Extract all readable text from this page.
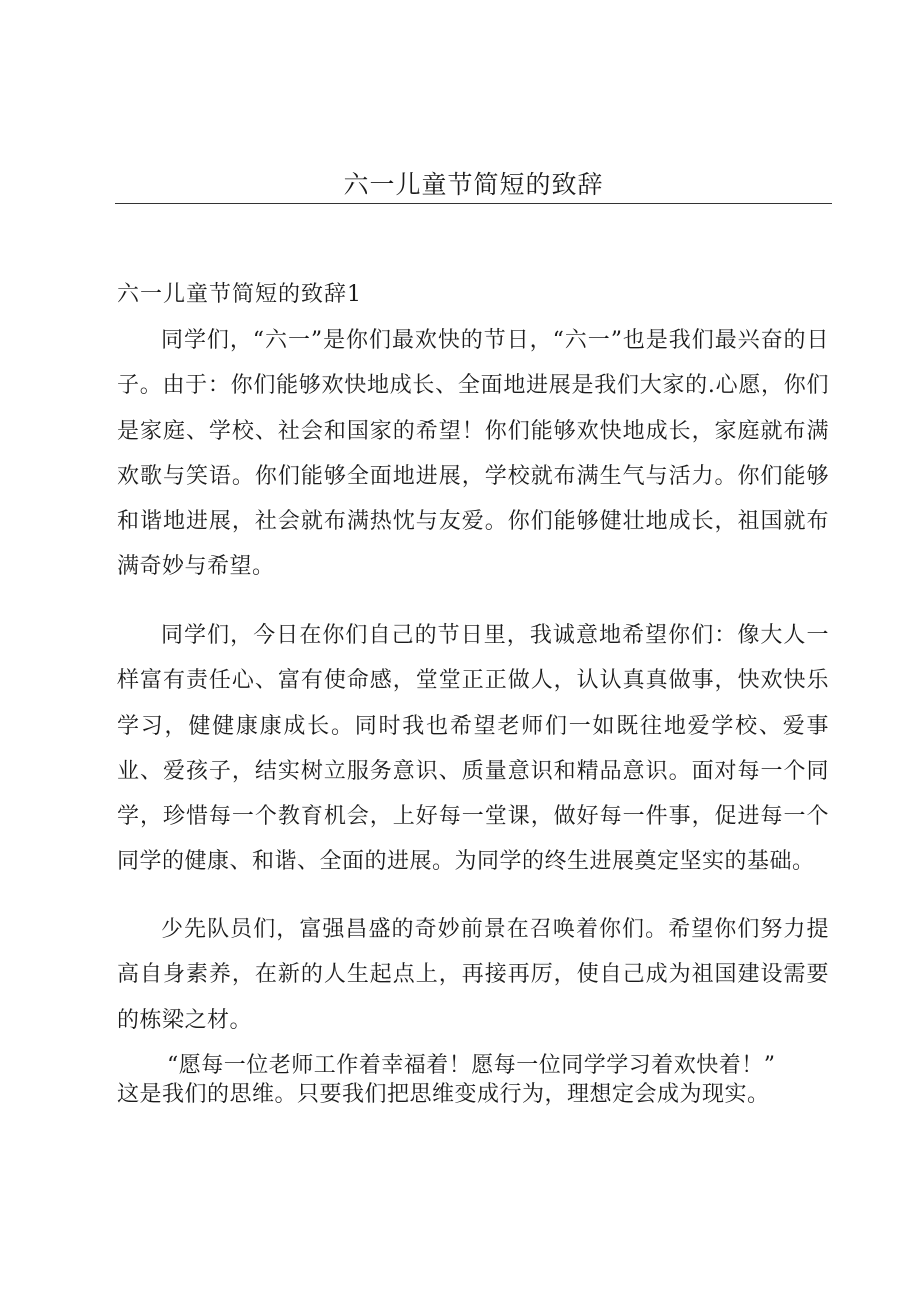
六一儿童节简短的致辞
六一儿童节简短的致辞1

同学们，“六一”是你们最欢快的节日，“六一”也是我们最兴奋的日子。由于：你们能够欢快地成长、全面地进展是我们大家的.心愿，你们是家庭、学校、社会和国家的希望！你们能够欢快地成长，家庭就布满欢歌与笑语。你们能够全面地进展，学校就布满生气与活力。你们能够和谐地进展，社会就布满热忱与友爱。你们能够健壮地成长，祖国就布满奇妙与希望。

同学们，今日在你们自己的节日里，我诚意地希望你们：像大人一样富有责任心、富有使命感，堂堂正正做人，认认真真做事，快欢快乐学习，健健康康成长。同时我也希望老师们一如既往地爱学校、爱事业、爱孩子，结实树立服务意识、质量意识和精品意识。面对每一个同学，珍惜每一个教育机会，上好每一堂课，做好每一件事，促进每一个同学的健康、和谐、全面的进展。为同学的终生进展奠定坚实的基础。

少先队员们，富强昌盛的奇妙前景在召唤着你们。希望你们努力提高自身素养，在新的人生起点上，再接再厉，使自己成为祖国建设需要的栋梁之材。

“愿每一位老师工作着幸福着！愿每一位同学学习着欢快着！”
这是我们的思维。只要我们把思维变成行为，理想定会成为现实。
